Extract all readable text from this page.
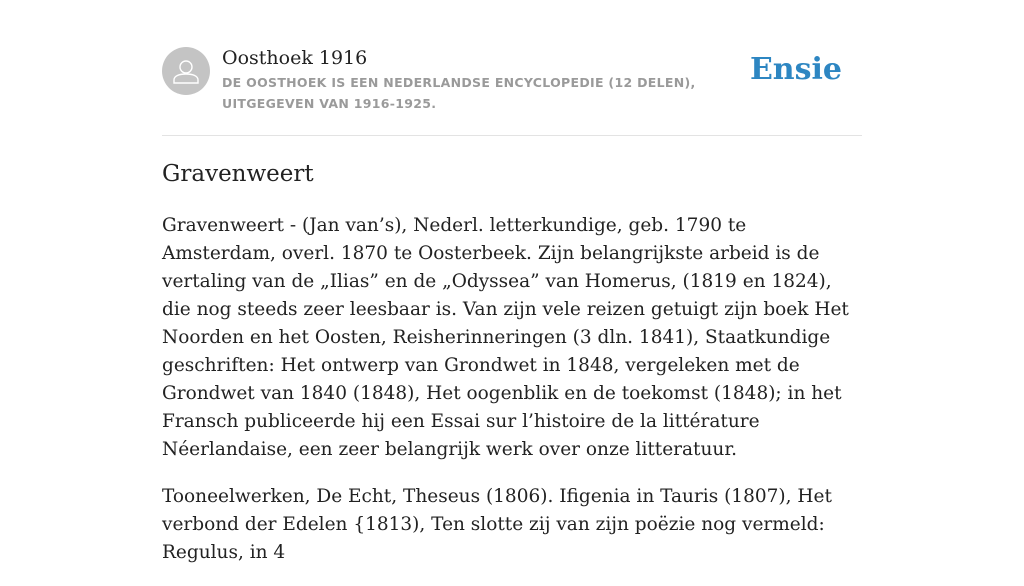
Oosthoek 1916
DE OOSTHOEK IS EEN NEDERLANDSE ENCYCLOPEDIE (12 DELEN), UITGEGEVEN VAN 1916-1925.
Ensie
Gravenweert

Gravenweert - (Jan van’s), Nederl. letterkundige, geb. 1790 te Amsterdam, overl. 1870 te Oosterbeek. Zijn belangrijkste arbeid is de vertaling van de „Ilias” en de „Odyssea” van Homerus, (1819 en 1824), die nog steeds zeer leesbaar is. Van zijn vele reizen getuigt zijn boek Het Noorden en het Oosten, Reisherinneringen (3 dln. 1841), Staatkundige geschriften: Het ontwerp van Grondwet in 1848, vergeleken met de Grondwet van 1840 (1848), Het oogenblik en de toekomst (1848); in het Fransch publiceerde hij een Essai sur l’histoire de la littérature Néerlandaise, een zeer belangrijk werk over onze litteratuur.

Tooneelwerken, De Echt, Theseus (1806). Ifigenia in Tauris (1807), Het verbond der Edelen {1813), Ten slotte zij van zijn poëzie nog vermeld: Regulus, in 4
